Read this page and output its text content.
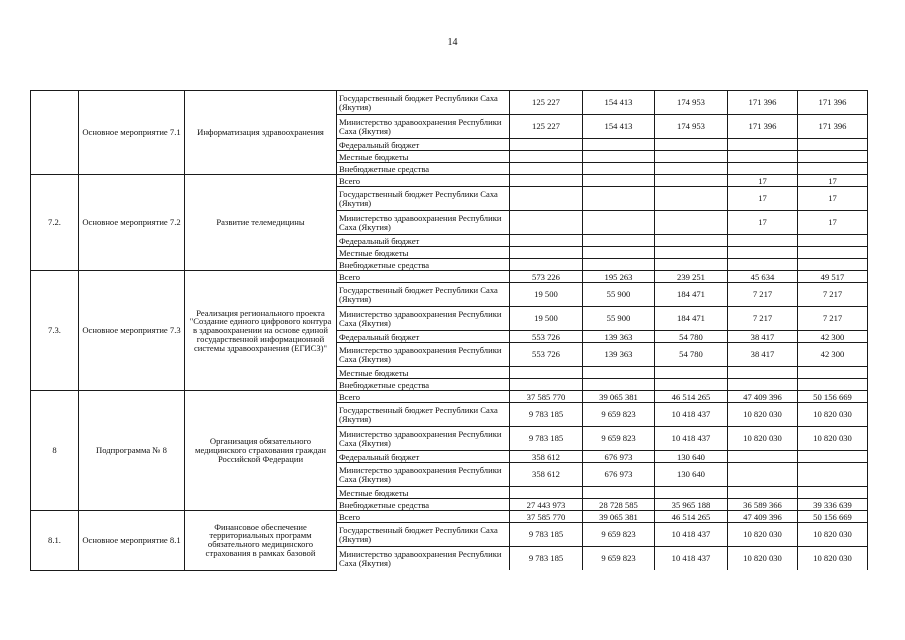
14
	Основное мероприятие 7.1	Информатизация здравоохранения	Государственный бюджет Республики Саха (Якутия)	125 227	154 413	174 953	171 396	171 396
			Министерство здравоохранения Республики Саха (Якутия)	125 227	154 413	174 953	171 396	171 396
			Федеральный бюджет					
			Местные бюджеты					
			Внебюджетные средства					
7.2.	Основное мероприятие 7.2	Развитие телемедицины	Всего				17	17
			Государственный бюджет Республики Саха (Якутия)				17	17
			Министерство здравоохранения Республики Саха (Якутия)				17	17
			Федеральный бюджет					
			Местные бюджеты					
			Внебюджетные средства					
7.3.	Основное мероприятие 7.3	Реализация регионального проекта "Создание единого цифрового контура в здравоохранении на основе единой государственной информационной системы здравоохранения (ЕГИСЗ)"	Всего	573 226	195 263	239 251	45 634	49 517
			Государственный бюджет Республики Саха (Якутия)	19 500	55 900	184 471	7 217	7 217
			Министерство здравоохранения Республики Саха (Якутия)	19 500	55 900	184 471	7 217	7 217
			Федеральный бюджет	553 726	139 363	54 780	38 417	42 300
			Министерство здравоохранения Республики Саха (Якутия)	553 726	139 363	54 780	38 417	42 300
			Местные бюджеты					
			Внебюджетные средства					
8	Подпрограмма № 8	Организация обязательного медицинского страхования граждан Российской Федерации	Всего	37 585 770	39 065 381	46 514 265	47 409 396	50 156 669
			Государственный бюджет Республики Саха (Якутия)	9 783 185	9 659 823	10 418 437	10 820 030	10 820 030
			Министерство здравоохранения Республики Саха (Якутия)	9 783 185	9 659 823	10 418 437	10 820 030	10 820 030
			Федеральный бюджет	358 612	676 973	130 640		
			Министерство здравоохранения Республики Саха (Якутия)	358 612	676 973	130 640		
			Местные бюджеты					
			Внебюджетные средства	27 443 973	28 728 585	35 965 188	36 589 366	39 336 639
8.1.	Основное мероприятие 8.1	Финансовое обеспечение территориальных программ обязательного медицинского страхования в рамках базовой	Всего	37 585 770	39 065 381	46 514 265	47 409 396	50 156 669
			Государственный бюджет Республики Саха (Якутия)	9 783 185	9 659 823	10 418 437	10 820 030	10 820 030
			Министерство здравоохранения Республики Саха (Якутия)	9 783 185	9 659 823	10 418 437	10 820 030	10 820 030
